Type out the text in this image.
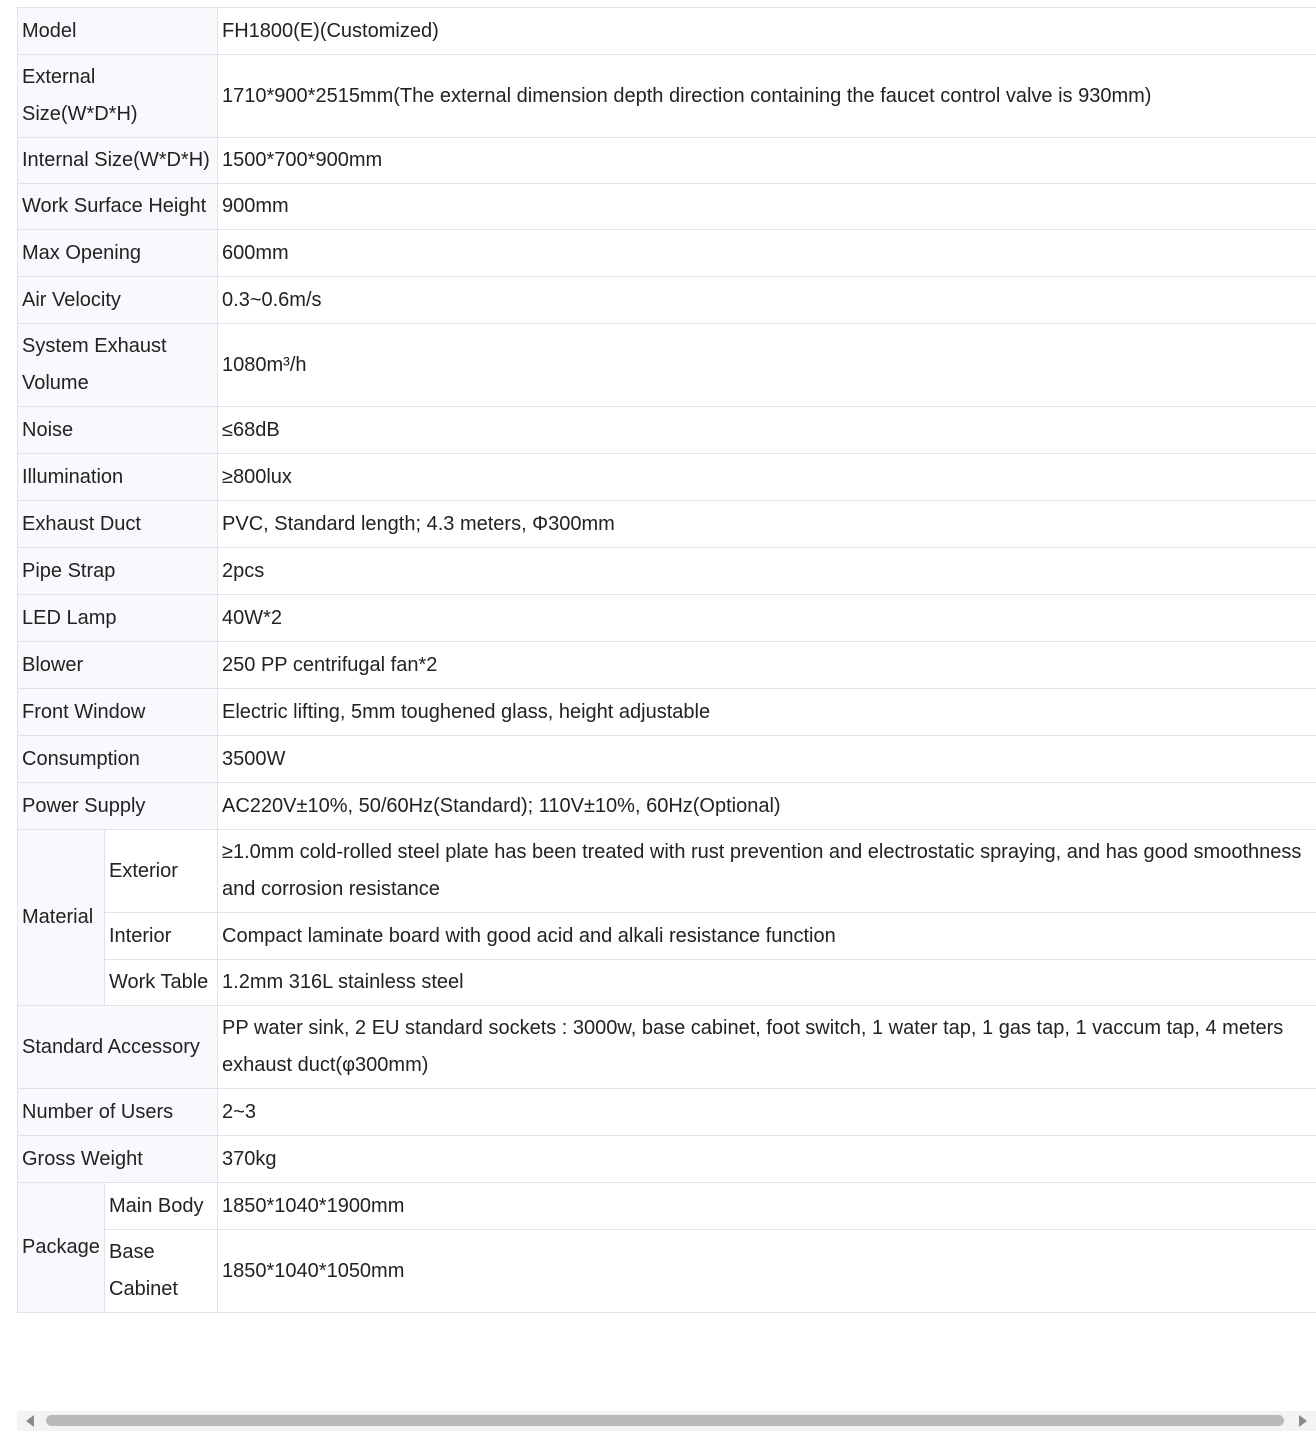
Model		FH1800(E)(Customized)
External Size(W*D*H)		1710*900*2515mm(The external dimension depth direction containing the faucet control valve is 930mm)
Internal Size(W*D*H)		1500*700*900mm
Work Surface Height		900mm
Max Opening		600mm
Air Velocity		0.3~0.6m/s
System Exhaust Volume		1080m³/h
Noise		≤68dB
Illumination		≥800lux
Exhaust Duct		PVC, Standard length; 4.3 meters, Φ300mm
Pipe Strap		2pcs
LED Lamp		40W*2
Blower		250 PP centrifugal fan*2
Front Window		Electric lifting, 5mm toughened glass, height adjustable
Consumption		3500W
Power Supply		AC220V±10%, 50/60Hz(Standard); 110V±10%, 60Hz(Optional)
Material	Exterior	≥1.0mm cold-rolled steel plate has been treated with rust prevention and electrostatic spraying, and has good smoothness and corrosion resistance
	Interior	Compact laminate board with good acid and alkali resistance function
	Work Table	1.2mm 316L stainless steel
Standard Accessory		PP water sink, 2 EU standard sockets : 3000w, base cabinet, foot switch, 1 water tap, 1 gas tap, 1 vaccum tap, 4 meters exhaust duct(φ300mm)
Number of Users		2~3
Gross Weight		370kg
Package	Main Body	1850*1040*1900mm
	Base Cabinet	1850*1040*1050mm
